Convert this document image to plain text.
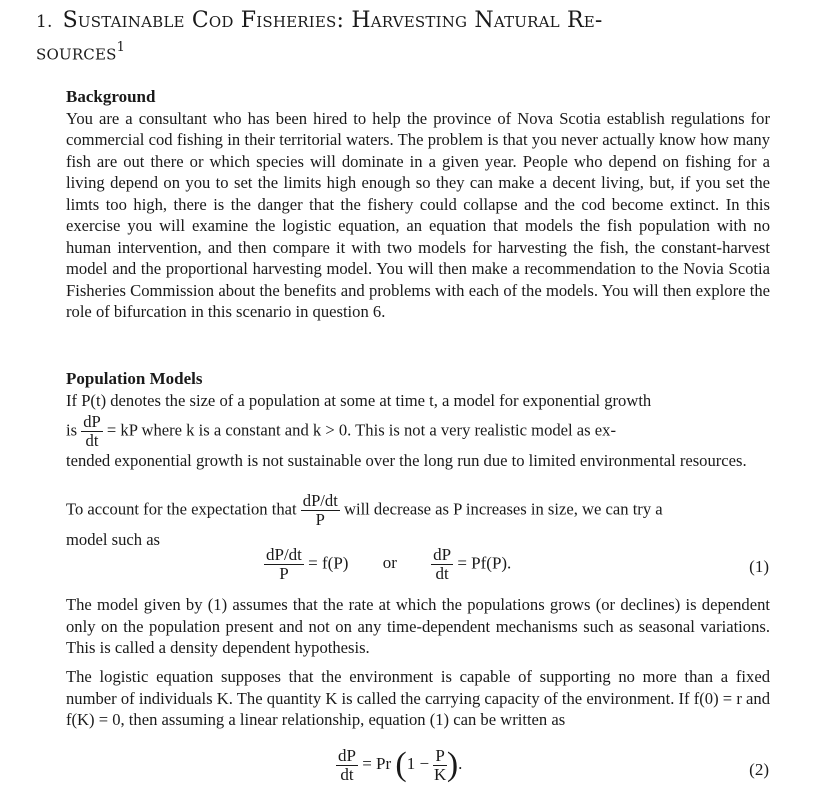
1. Sustainable Cod Fisheries: Harvesting Natural Re-
sources$^1$
Background
You are a consultant who has been hired to help the province of Nova Scotia establish regulations for commercial cod fishing in their territorial waters. The problem is that you never actually know how many fish are out there or which species will dominate in a given year. People who depend on fishing for a living depend on you to set the limits high enough so they can make a decent living, but, if you set the limts too high, there is the danger that the fishery could collapse and the cod become extinct. In this exercise you will examine the logistic equation, an equation that models the fish population with no human intervention, and then compare it with two models for harvesting the fish, the constant-harvest model and the proportional harvesting model. You will then make a recommendation to the Novia Scotia Fisheries Commission about the benefits and problems with each of the models. You will then explore the role of bifurcation in this scenario in question 6.
Population Models
If P(t) denotes the size of a population at some at time t, a model for exponential growth
is $\frac{dP}{dt}$ = kP where k is a constant and k > 0. This is not a very realistic model as ex-
tended exponential growth is not sustainable over the long run due to limited environmental resources.
To account for the expectation that $\frac{dP/dt}{P}$ will decrease as P increases in size, we can try a
model such as
$\frac{dP/dt}{P} = f(P)$ or $\frac{dP}{dt} = Pf(P)$.	(1)
The model given by (1) assumes that the rate at which the populations grows (or declines) is dependent only on the population present and not on any time-dependent mechanisms such as seasonal variations. This is called a density dependent hypothesis.
The logistic equation supposes that the environment is capable of supporting no more than a fixed number of individuals K. The quantity K is called the carrying capacity of the environment. If f(0) = r and f(K) = 0, then assuming a linear relationship, equation (1) can be written as
$\frac{dP}{dt} = Pr$ ($1 - \frac{P}{K}$ ).	(2)
